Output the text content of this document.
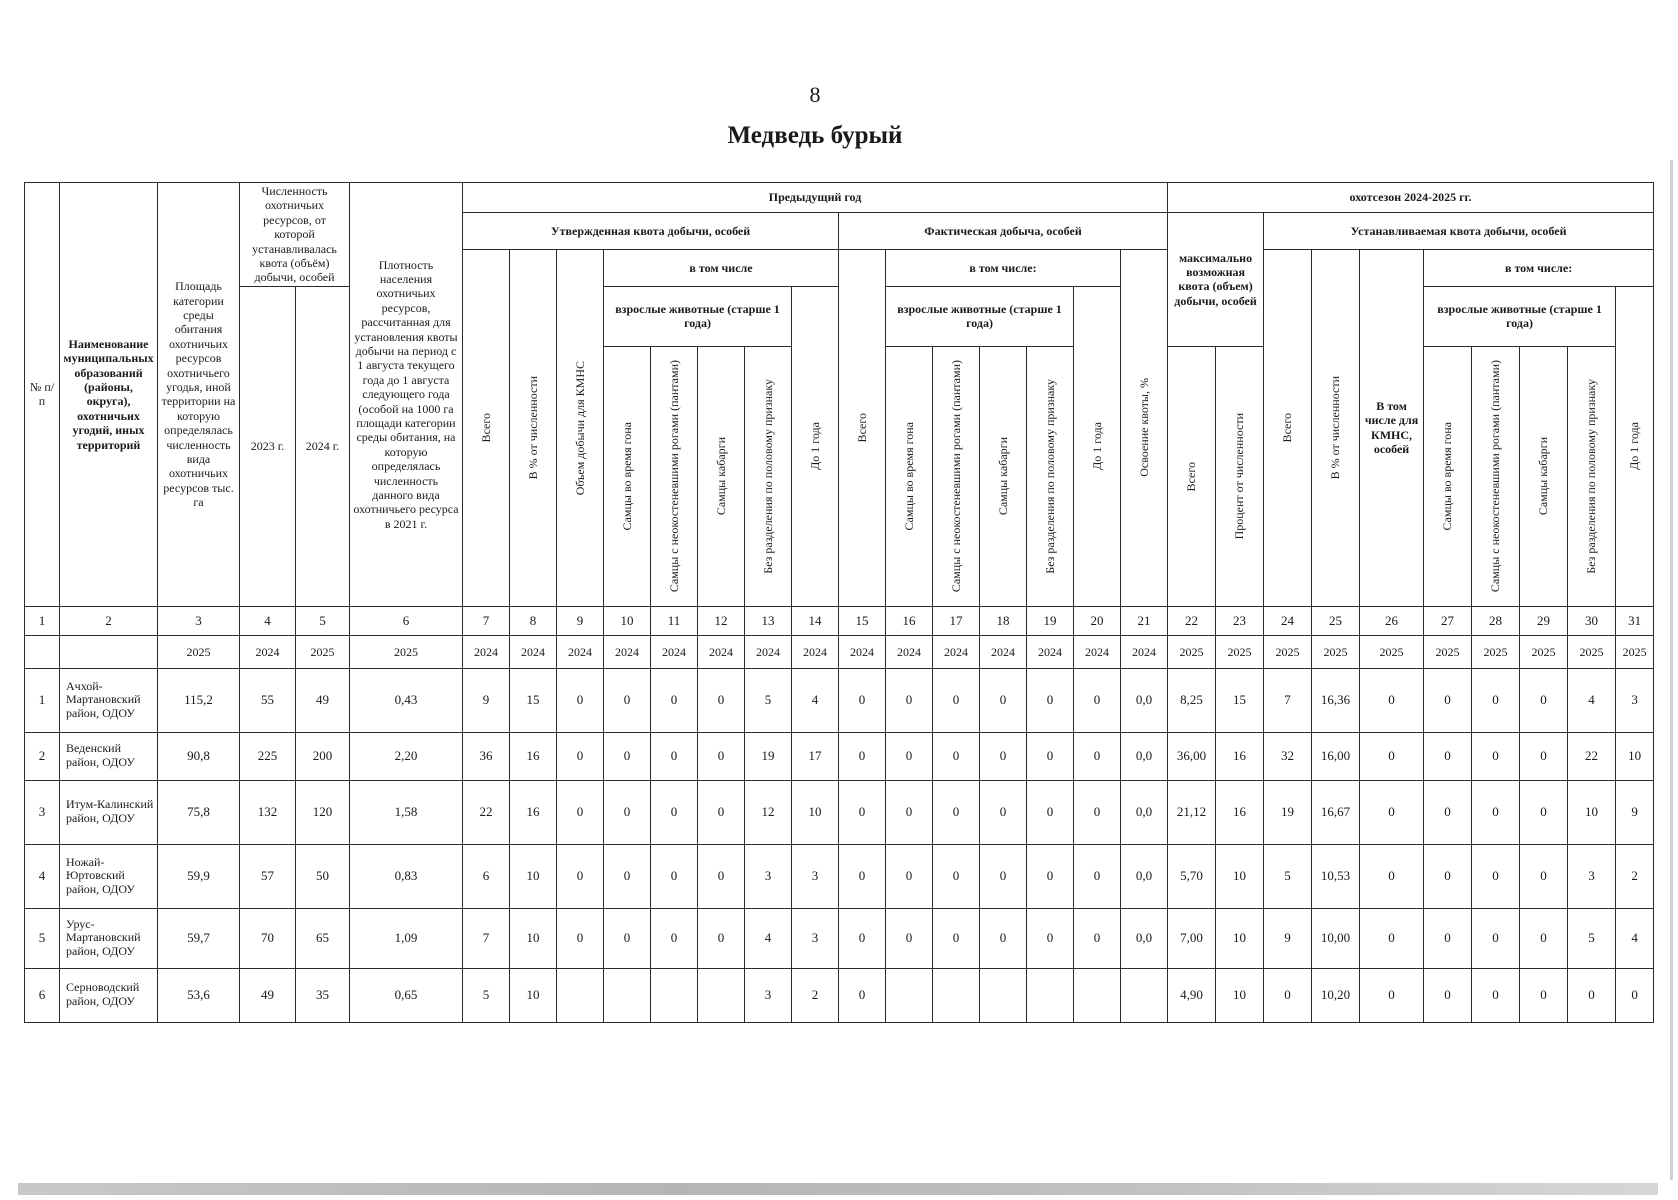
8
Медведь бурый
№ п/п	Наименование муниципальных образований (районы, округа), охотничьих угодий, иных территорий	Площадь категории среды обитания охотничьих ресурсов охотничьего угодья, иной территории на которую определялась численность вида охотничьих ресурсов тыс. га	Численность охотничьих ресурсов, от которой устанавливалась квота (объём) добычи, особей		Плотность населения охотничьих ресурсов, рассчитанная для установления квоты добычи на период с 1 августа текущего года до 1 августа следующего года (особой на 1000 га площади категории среды обитания, на которую определялась численность данного вида охотничьего ресурса в 2021 г.	Предыдущий год															охотсезон 2024-2025 гг.									
						Утвержденная квота добычи, особей								Фактическая добыча, особей							максимально возможная квота (объем) добычи, особей		Устанавливаемая квота добычи, особей							

						Всего	В % от численности	Объем добычи для КМНС	в том числе					Всего	в том числе:					Освоение квоты, %			Всего	В % от численности	В том числе для КМНС, особей	в том числе:				
			2023 г.	2024 г.					взрослые животные (старше 1 года)				До 1 года		взрослые животные (старше 1 года)				До 1 года							взрослые животные (старше 1 года)				До 1 года

									Самцы во время гона	Самцы с неокостеневшими рогами (пантами)	Самцы кабарги	Без разделения по половому признаку			Самцы во время гона	Самцы с неокостеневшими рогами (пантами)	Самцы кабарги	Без разделения по половому признаку			Всего	Процент от численности				Самцы во время гона	Самцы с неокостеневшими рогами (пантами)	Самцы кабарги	Без разделения по половому признаку	

1	2	3	4	5	6	7	8	9	10	11	12	13	14	15	16	17	18	19	20	21	22	23	24	25	26	27	28	29	30	31
		2025	2024	2025	2025	2024	2024	2024	2024	2024	2024	2024	2024	2024	2024	2024	2024	2024	2024	2024	2025	2025	2025	2025	2025	2025	2025	2025	2025	2025
1	Ачхой-Мартановский район, ОДОУ	115,2	55	49	0,43	9	15	0	0	0	0	5	4	0	0	0	0	0	0	0,0	8,25	15	7	16,36	0	0	0	0	4	3
2	Веденский район, ОДОУ	90,8	225	200	2,20	36	16	0	0	0	0	19	17	0	0	0	0	0	0	0,0	36,00	16	32	16,00	0	0	0	0	22	10
3	Итум-Калинский район, ОДОУ	75,8	132	120	1,58	22	16	0	0	0	0	12	10	0	0	0	0	0	0	0,0	21,12	16	19	16,67	0	0	0	0	10	9
4	Ножай-Юртовский район, ОДОУ	59,9	57	50	0,83	6	10	0	0	0	0	3	3	0	0	0	0	0	0	0,0	5,70	10	5	10,53	0	0	0	0	3	2
5	Урус-Мартановский район, ОДОУ	59,7	70	65	1,09	7	10	0	0	0	0	4	3	0	0	0	0	0	0	0,0	7,00	10	9	10,00	0	0	0	0	5	4
6	Серноводский район, ОДОУ	53,6	49	35	0,65	5	10					3	2	0							4,90	10	0	10,20	0	0	0	0	0	0
